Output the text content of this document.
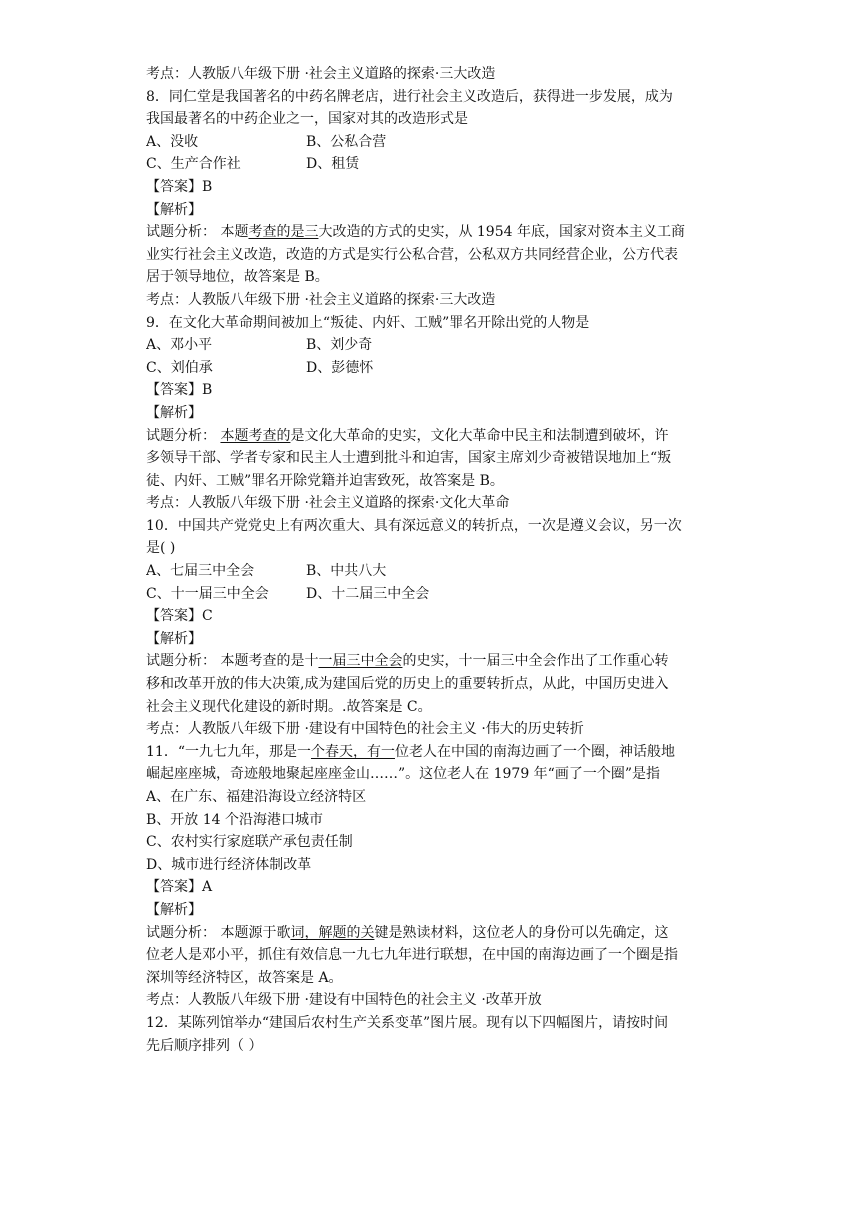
考点：人教版八年级下册 ·社会主义道路的探索·三大改造
8．同仁堂是我国著名的中药名牌老店，进行社会主义改造后，获得进一步发展，成为
我国最著名的中药企业之一，国家对其的改造形式是
A、没收	B、公私合营
C、生产合作社	D、租赁
【答案】B
【解析】
试题分析： 本题考查的是三大改造的方式的史实，从 1954 年底，国家对资本主义工商
业实行社会主义改造，改造的方式是实行公私合营，公私双方共同经营企业，公方代表
居于领导地位，故答案是 B。
考点：人教版八年级下册 ·社会主义道路的探索·三大改造
9．在文化大革命期间被加上“叛徒、内奸、工贼”罪名开除出党的人物是
A、邓小平	B、刘少奇
C、刘伯承	D、彭德怀
【答案】B
【解析】
试题分析： 本题考查的是文化大革命的史实，文化大革命中民主和法制遭到破坏，许
多领导干部、学者专家和民主人士遭到批斗和迫害，国家主席刘少奇被错误地加上“叛
徒、内奸、工贼”罪名开除党籍并迫害致死，故答案是 B。
考点：人教版八年级下册 ·社会主义道路的探索·文化大革命
10．中国共产党党史上有两次重大、具有深远意义的转折点，一次是遵义会议，另一次
是( )
A、七届三中全会	B、中共八大
C、十一届三中全会	D、十二届三中全会
【答案】C
【解析】
试题分析： 本题考查的是十一届三中全会的史实，十一届三中全会作出了工作重心转
移和改革开放的伟大决策,成为建国后党的历史上的重要转折点，从此，中国历史进入
社会主义现代化建设的新时期。.故答案是 C。
考点：人教版八年级下册 ·建设有中国特色的社会主义 ·伟大的历史转折
11．“一九七九年，那是一个春天，有一位老人在中国的南海边画了一个圈，神话般地
崛起座座城，奇迹般地聚起座座金山……”。这位老人在 1979 年“画了一个圈”是指
A、在广东、福建沿海设立经济特区
B、开放 14 个沿海港口城市
C、农村实行家庭联产承包责任制
D、城市进行经济体制改革
【答案】A
【解析】
试题分析： 本题源于歌词，解题的关键是熟读材料，这位老人的身份可以先确定，这
位老人是邓小平，抓住有效信息一九七九年进行联想，在中国的南海边画了一个圈是指
深圳等经济特区，故答案是 A。
考点：人教版八年级下册 ·建设有中国特色的社会主义 ·改革开放
12．某陈列馆举办“建国后农村生产关系变革”图片展。现有以下四幅图片，请按时间
先后顺序排列（ ）
